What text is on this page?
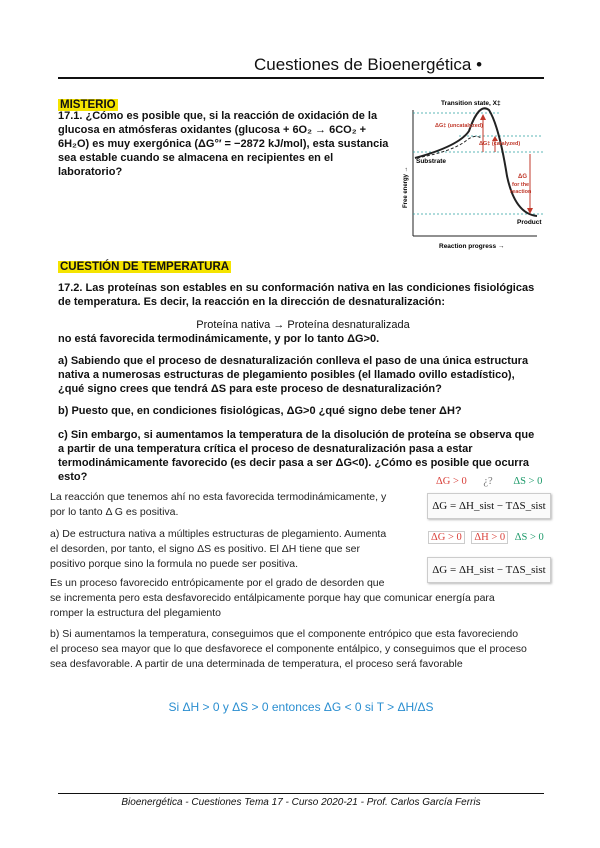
Cuestiones de Bioenergética •
MISTERIO
17.1. ¿Cómo es posible que, si la reacción de oxidación de la
glucosa en atmósferas oxidantes (glucosa + 6O₂ → 6CO₂ +
6H₂O) es muy exergónica (ΔG°′ = −2872 kJ/mol), esta sustancia
sea estable cuando se almacena en recipientes en el
laboratorio?
Transition state, X‡
Free energy →
Reaction progress →
ΔG‡ (uncatalyzed)
ΔG‡ (catalyzed)
Substrate
ΔG
for the
reaction
Product
CUESTIÓN DE TEMPERATURA
17.2. Las proteínas son estables en su conformación nativa en las condiciones fisiológicas
de temperatura. Es decir, la reacción en la dirección de desnaturalización:
Proteína nativa → Proteína desnaturalizada
no está favorecida termodinámicamente, y por lo tanto ΔG>0.
a) Sabiendo que el proceso de desnaturalización conlleva el paso de una única estructura
nativa a numerosas estructuras de plegamiento posibles (el llamado ovillo estadístico),
¿qué signo crees que tendrá ΔS para este proceso de desnaturalización?
b) Puesto que, en condiciones fisiológicas, ΔG>0 ¿qué signo debe tener ΔH?
c) Sin embargo, si aumentamos la temperatura de la disolución de proteína se observa que
a partir de una temperatura crítica el proceso de desnaturalización pasa a estar
termodinámicamente favorecido (es decir pasa a ser ΔG<0). ¿Cómo es posible que ocurra
esto?	ΔG > 0 ¿? ΔS > 0
ΔG = ΔH_sist − TΔS_sist
ΔG > 0 ΔH > 0 ΔS > 0
ΔG = ΔH_sist − TΔS_sist
La reacción que tenemos ahí no esta favorecida termodinámicamente, y
por lo tanto Δ G es positiva.
a) De estructura nativa a múltiples estructuras de plegamiento. Aumenta
el desorden, por tanto, el signo ΔS es positivo. El ΔH tiene que ser
positivo porque sino la formula no puede ser positiva.
Es un proceso favorecido entrópicamente por el grado de desorden que
se incrementa pero esta desfavorecido entálpicamente porque hay que comunicar energía para
romper la estructura del plegamiento
b) Si aumentamos la temperatura, conseguimos que el componente entrópico que esta favoreciendo
el proceso sea mayor que lo que desfavorece el componente entálpico, y conseguimos que el proceso
sea desfavorable. A partir de una determinada de temperatura, el proceso será favorable
Si ΔH > 0 y ΔS > 0 entonces ΔG < 0 si T > ΔH/ΔS
Bioenergética - Cuestiones Tema 17 - Curso 2020-21 - Prof. Carlos García Ferris
